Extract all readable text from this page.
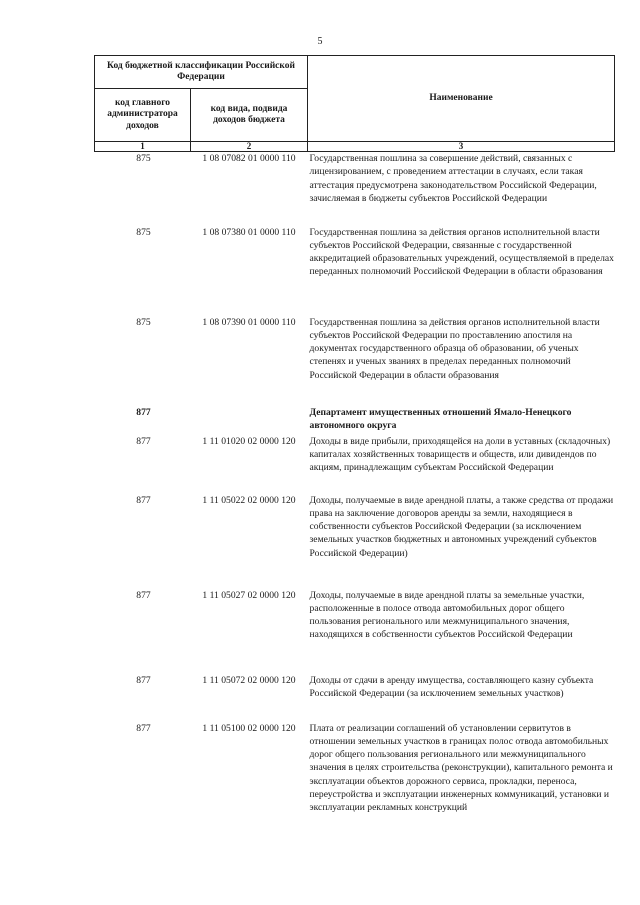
5
Код бюджетной классификации Российской Федерации		Наименование
код главного администратора доходов	код вида, подвида доходов бюджета	
1	2	3
875	1 08 07082 01 0000 110	Государственная пошлина за совершение действий, связанных с лицензированием, с проведением аттестации в случаях, если такая аттестация предусмотрена законодательством Российской Федерации, зачисляемая в бюджеты субъектов Российской Федерации
875	1 08 07380 01 0000 110	Государственная пошлина за действия органов исполнительной власти субъектов Российской Федерации, связанные с государственной аккредитацией образовательных учреждений, осуществляемой в пределах переданных полномочий Российской Федерации в области образования
875	1 08 07390 01 0000 110	Государственная пошлина за действия органов исполнительной власти субъектов Российской Федерации по проставлению апостиля на документах государственного образца об образовании, об ученых степенях и ученых званиях в пределах переданных полномочий Российской Федерации в области образования
877		Департамент имущественных отношений Ямало-Ненецкого автономного округа
877	1 11 01020 02 0000 120	Доходы в виде прибыли, приходящейся на доли в уставных (складочных) капиталах хозяйственных товариществ и обществ, или дивидендов по акциям, принадлежащим субъектам Российской Федерации
877	1 11 05022 02 0000 120	Доходы, получаемые в виде арендной платы, а также средства от продажи права на заключение договоров аренды за земли, находящиеся в собственности субъектов Российской Федерации (за исключением земельных участков бюджетных и автономных учреждений субъектов Российской Федерации)
877	1 11 05027 02 0000 120	Доходы, получаемые в виде арендной платы за земельные участки, расположенные в полосе отвода автомобильных дорог общего пользования регионального или межмуниципального значения, находящихся в собственности субъектов Российской Федерации
877	1 11 05072 02 0000 120	Доходы от сдачи в аренду имущества, составляющего казну субъекта Российской Федерации (за исключением земельных участков)
877	1 11 05100 02 0000 120	Плата от реализации соглашений об установлении сервитутов в отношении земельных участков в границах полос отвода автомобильных дорог общего пользования регионального или межмуниципального значения в целях строительства (реконструкции), капитального ремонта и эксплуатации объектов дорожного сервиса, прокладки, переноса, переустройства и эксплуатации инженерных коммуникаций, установки и эксплуатации рекламных конструкций
